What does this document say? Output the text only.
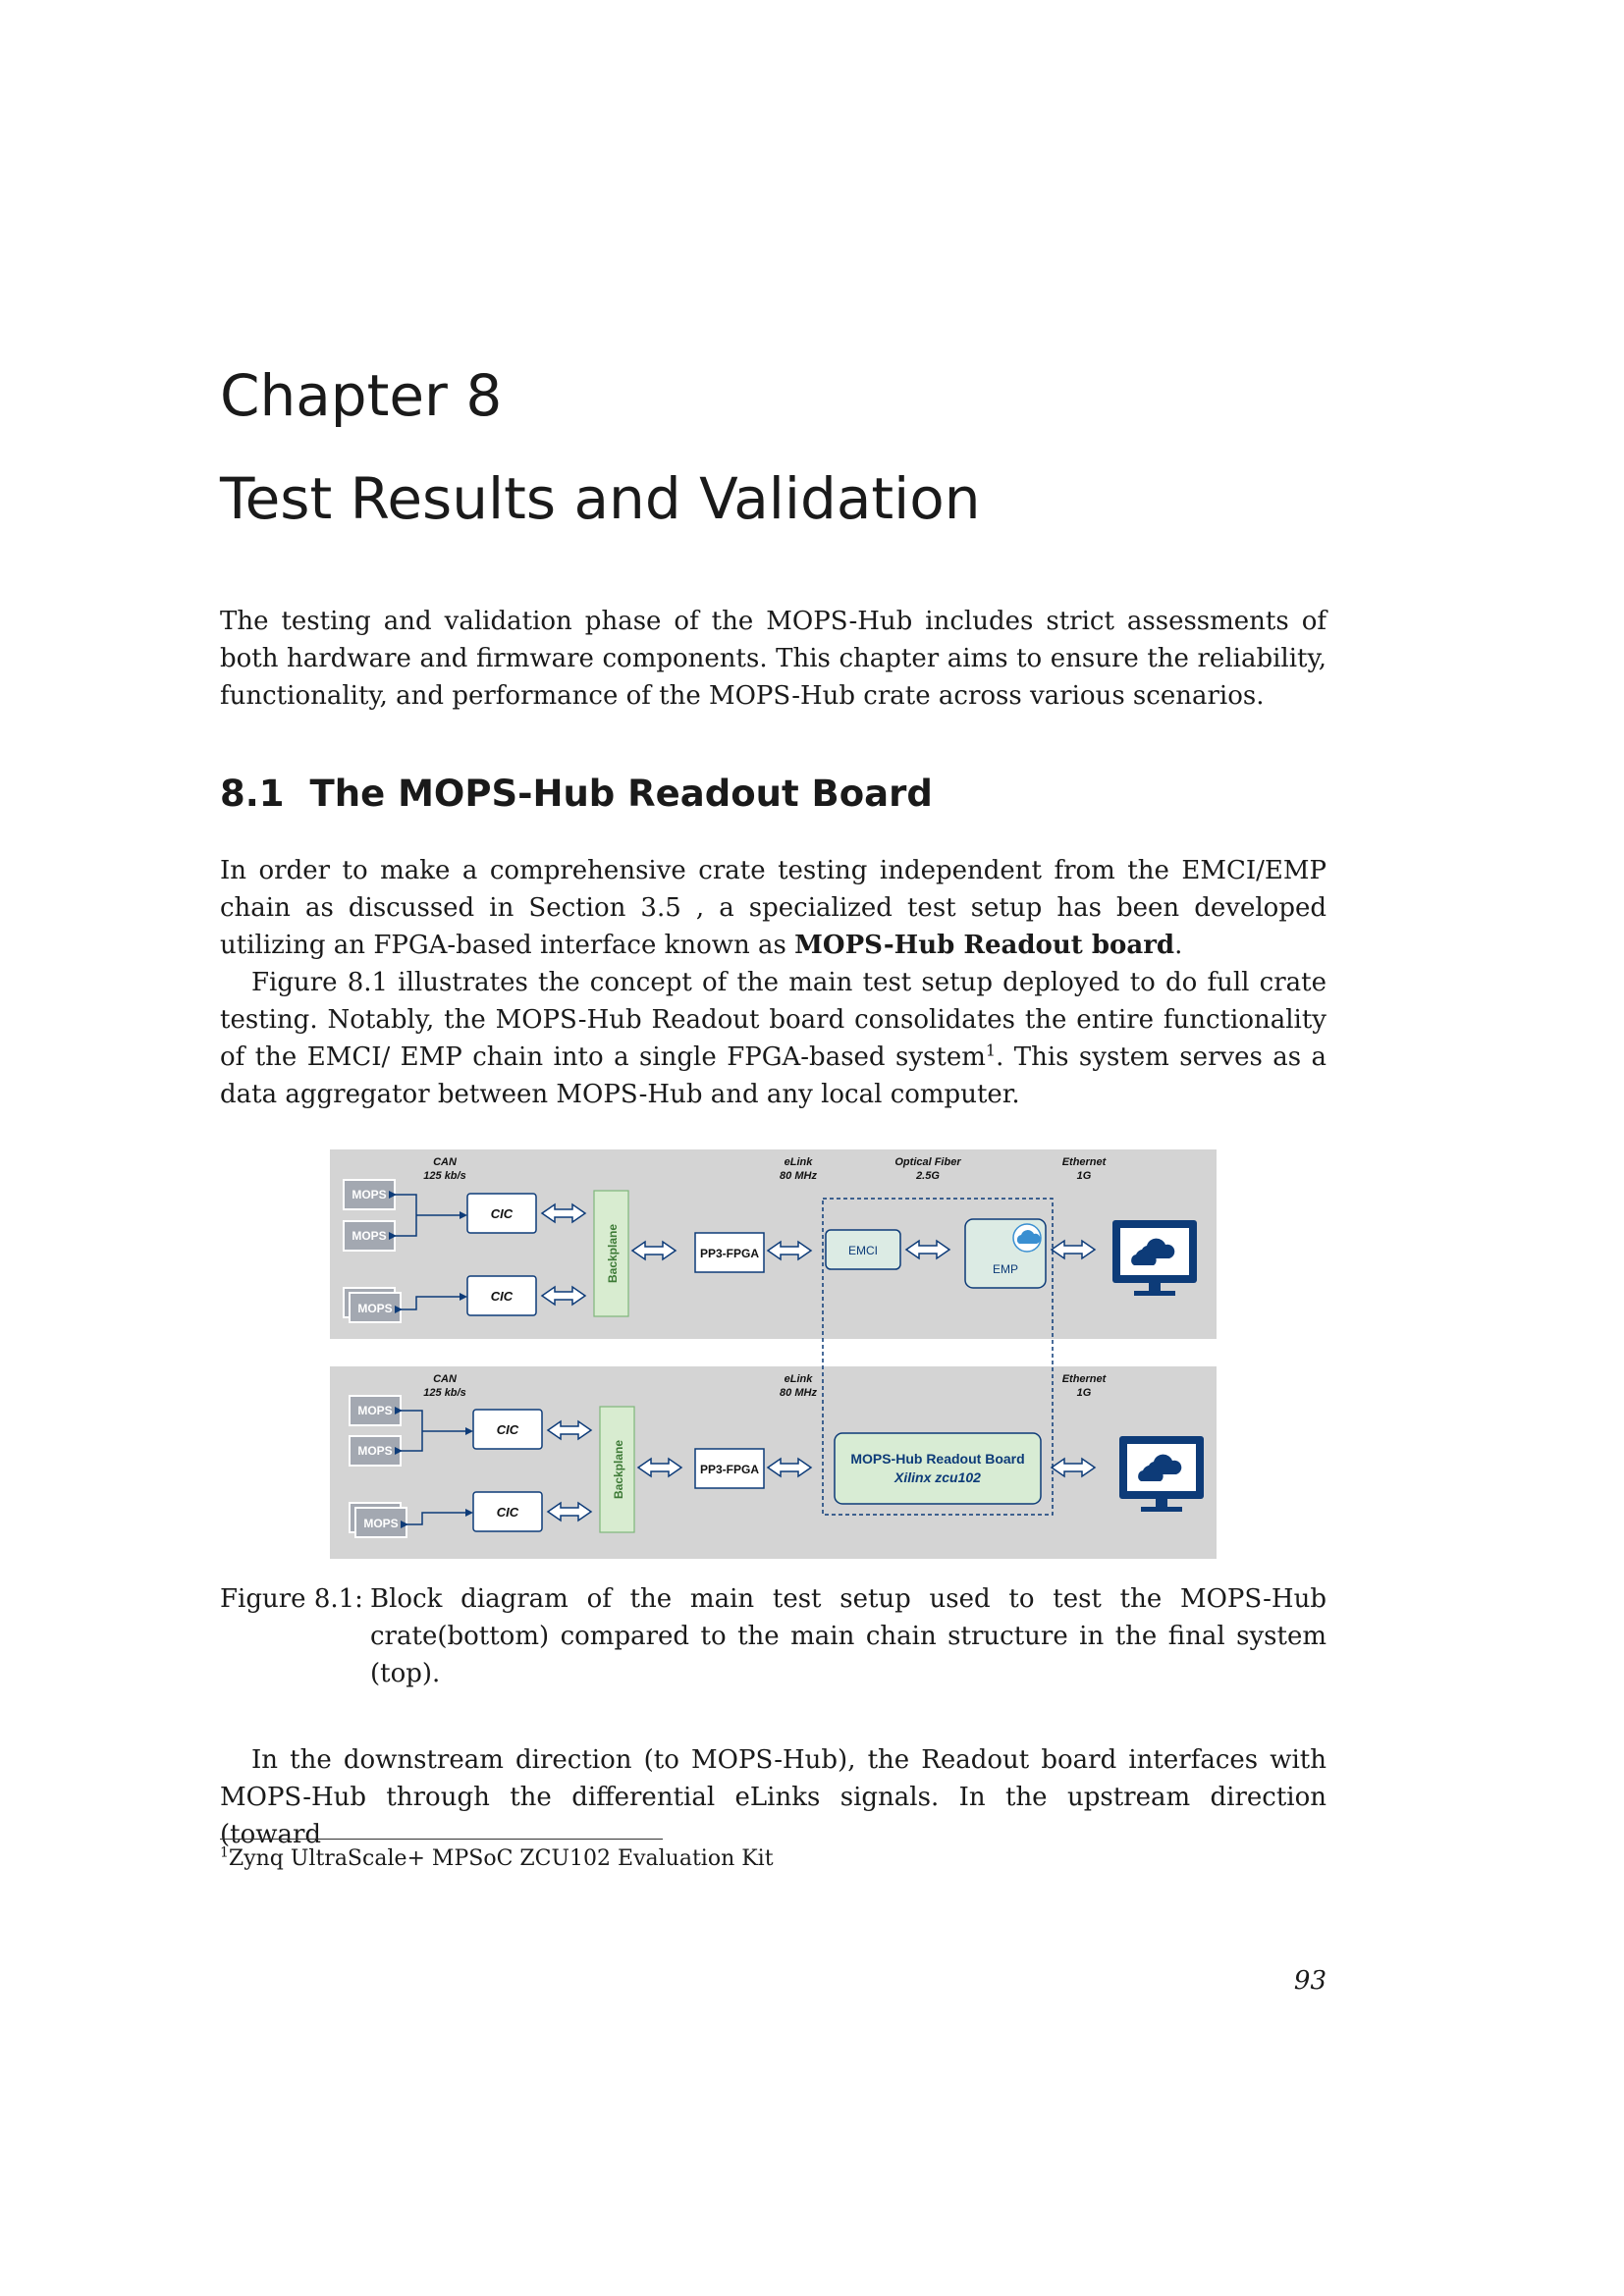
Chapter 8
Test Results and Validation

The testing and validation phase of the MOPS-Hub includes strict assessments of both hardware and firmware components. This chapter aims to ensure the reliability, functionality, and performance of the MOPS-Hub crate across various scenarios.

8.1 The MOPS-Hub Readout Board

In order to make a comprehensive crate testing independent from the EMCI/EMP chain as discussed in Section 3.5 , a specialized test setup has been developed utilizing an FPGA-based interface known as MOPS-Hub Readout board.

Figure 8.1 illustrates the concept of the main test setup deployed to do full crate testing. Notably, the MOPS-Hub Readout board consolidates the entire functionality of the EMCI/ EMP chain into a single FPGA-based system$^1$. This system serves as a data aggregator between MOPS-Hub and any local computer.

CAN
125 kb/s
eLink
80 MHz
Optical Fiber
2.5G
Ethernet
1G
MOPS
MOPS
MOPS
CIC
CIC
Backplane	PP3-FPGA	EMCI
EMP
CAN
125 kb/s
eLink
80 MHz
Ethernet
1G
MOPS
MOPS
MOPS
CIC
CIC
Backplane	PP3-FPGA
MOPS-Hub Readout Board
Xilinx zcu102
Figure 8.1: Block diagram of the main test setup used to test the MOPS-Hub crate(bottom) compared to the main chain structure in the final system (top).

In the downstream direction (to MOPS-Hub), the Readout board interfaces with MOPS-Hub through the differential eLinks signals. In the upstream direction (toward

$^1$Zynq UltraScale+ MPSoC ZCU102 Evaluation Kit
93
